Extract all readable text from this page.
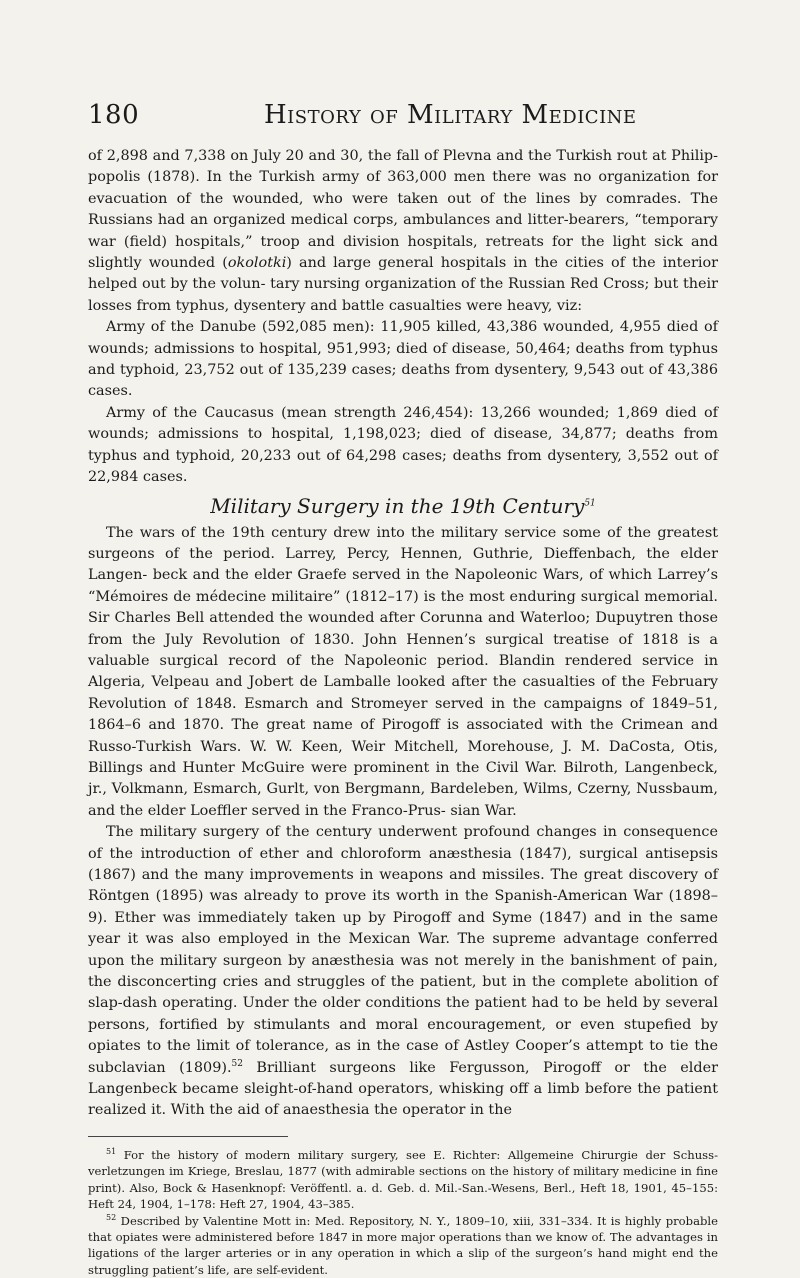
180	History of Military Medicine

of 2,898 and 7,338 on July 20 and 30, the fall of Plevna and the Turkish rout at Philip- popolis (1878). In the Turkish army of 363,000 men there was no organization for evacuation of the wounded, who were taken out of the lines by comrades. The Russians had an organized medical corps, ambulances and litter-bearers, “temporary war (field) hospitals,” troop and division hospitals, retreats for the light sick and slightly wounded (okolotki) and large general hospitals in the cities of the interior helped out by the volun- tary nursing organization of the Russian Red Cross; but their losses from typhus, dysentery and battle casualties were heavy, viz:

Army of the Danube (592,085 men): 11,905 killed, 43,386 wounded, 4,955 died of wounds; admissions to hospital, 951,993; died of disease, 50,464; deaths from typhus and typhoid, 23,752 out of 135,239 cases; deaths from dysentery, 9,543 out of 43,386 cases.

Army of the Caucasus (mean strength 246,454): 13,266 wounded; 1,869 died of wounds; admissions to hospital, 1,198,023; died of disease, 34,877; deaths from typhus and typhoid, 20,233 out of 64,298 cases; deaths from dysentery, 3,552 out of 22,984 cases.

Military Surgery in the 19th Century$^{51}$

The wars of the 19th century drew into the military service some of the greatest surgeons of the period. Larrey, Percy, Hennen, Guthrie, Dieffenbach, the elder Langen- beck and the elder Graefe served in the Napoleonic Wars, of which Larrey’s “Mémoires de médecine militaire” (1812–17) is the most enduring surgical memorial. Sir Charles Bell attended the wounded after Corunna and Waterloo; Dupuytren those from the July Revolution of 1830. John Hennen’s surgical treatise of 1818 is a valuable surgical record of the Napoleonic period. Blandin rendered service in Algeria, Velpeau and Jobert de Lamballe looked after the casualties of the February Revolution of 1848. Esmarch and Stromeyer served in the campaigns of 1849–51, 1864–6 and 1870. The great name of Pirogoff is associated with the Crimean and Russo-Turkish Wars. W. W. Keen, Weir Mitchell, Morehouse, J. M. DaCosta, Otis, Billings and Hunter McGuire were prominent in the Civil War. Bilroth, Langenbeck, jr., Volkmann, Esmarch, Gurlt, von Bergmann, Bardeleben, Wilms, Czerny, Nussbaum, and the elder Loeffler served in the Franco-Prus- sian War.

The military surgery of the century underwent profound changes in consequence of the introduction of ether and chloroform anæsthesia (1847), surgical antisepsis (1867) and the many improvements in weapons and missiles. The great discovery of Röntgen (1895) was already to prove its worth in the Spanish-American War (1898–9). Ether was immediately taken up by Pirogoff and Syme (1847) and in the same year it was also employed in the Mexican War. The supreme advantage conferred upon the military surgeon by anæsthesia was not merely in the banishment of pain, the disconcerting cries and struggles of the patient, but in the complete abolition of slap-dash operating. Under the older conditions the patient had to be held by several persons, fortified by stimulants and moral encouragement, or even stupefied by opiates to the limit of tolerance, as in the case of Astley Cooper’s attempt to tie the subclavian (1809).$^{52}$ Brilliant surgeons like Fergusson, Pirogoff or the elder Langenbeck became sleight-of-hand operators, whisking off a limb before the patient realized it. With the aid of anaesthesia the operator in the

$^{51}$ For the history of modern military surgery, see E. Richter: Allgemeine Chirurgie der Schuss- verletzungen im Kriege, Breslau, 1877 (with admirable sections on the history of military medicine in fine print). Also, Bock & Hasenknopf: Veröffentl. a. d. Geb. d. Mil.-San.-Wesens, Berl., Heft 18, 1901, 45–155: Heft 24, 1904, 1–178: Heft 27, 1904, 43–385.

$^{52}$ Described by Valentine Mott in: Med. Repository, N. Y., 1809–10, xiii, 331–334. It is highly probable that opiates were administered before 1847 in more major operations than we know of. The advantages in ligations of the larger arteries or in any operation in which a slip of the surgeon’s hand might end the struggling patient’s life, are self-evident.
